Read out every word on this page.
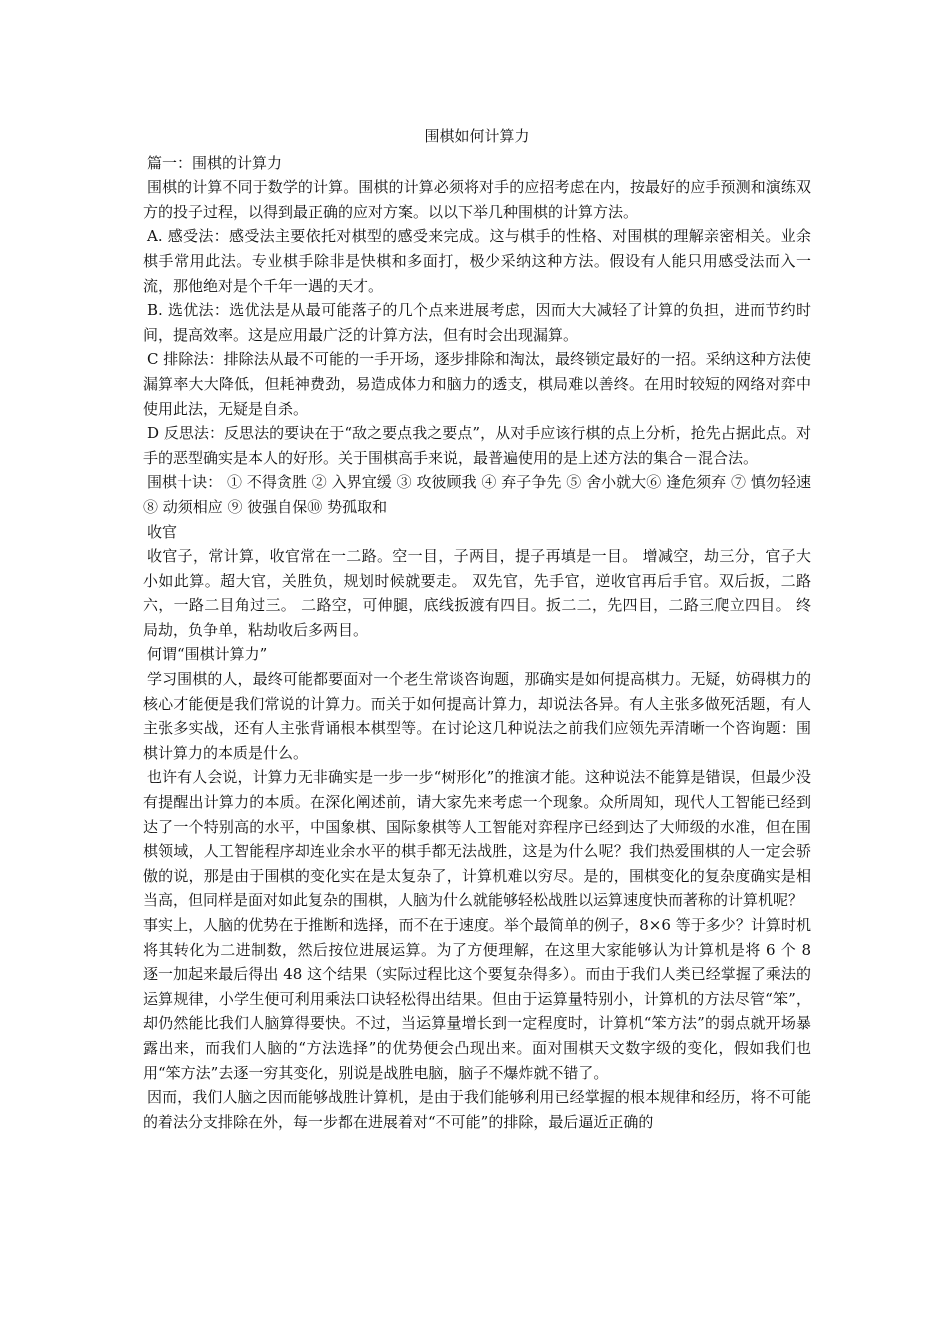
围棋如何计算力

篇一：围棋的计算力

围棋的计算不同于数学的计算。围棋的计算必须将对手的应招考虑在内，按最好的应手预测和演练双方的投子过程，以得到最正确的应对方案。以以下举几种围棋的计算方法。

A. 感受法：感受法主要依托对棋型的感受来完成。这与棋手的性格、对围棋的理解亲密相关。业余棋手常用此法。专业棋手除非是快棋和多面打，极少采纳这种方法。假设有人能只用感受法而入一流，那他绝对是个千年一遇的天才。

B. 选优法：选优法是从最可能落子的几个点来进展考虑，因而大大减轻了计算的负担，进而节约时间，提高效率。这是应用最广泛的计算方法，但有时会出现漏算。

C 排除法：排除法从最不可能的一手开场，逐步排除和淘汰，最终锁定最好的一招。采纳这种方法使漏算率大大降低，但耗神费劲，易造成体力和脑力的透支，棋局难以善终。在用时较短的网络对弈中使用此法，无疑是自杀。

D 反思法：反思法的要诀在于“敌之要点我之要点”，从对手应该行棋的点上分析，抢先占据此点。对手的恶型确实是本人的好形。关于围棋高手来说，最普遍使用的是上述方法的集合－混合法。

围棋十诀： ① 不得贪胜 ② 入界宜缓 ③ 攻彼顾我 ④ 弃子争先 ⑤ 舍小就大⑥ 逢危须弃 ⑦ 慎勿轻速 ⑧ 动须相应 ⑨ 彼强自保⑩ 势孤取和

收官

收官子，常计算，收官常在一二路。空一目，子两目，提子再填是一目。 增减空，劫三分，官子大小如此算。超大官，关胜负，规划时候就要走。 双先官，先手官，逆收官再后手官。双后扳，二路六，一路二目角过三。 二路空，可伸腿，底线扳渡有四目。扳二二，先四目，二路三爬立四目。 终局劫，负争单，粘劫收后多两目。

何谓“围棋计算力”

学习围棋的人，最终可能都要面对一个老生常谈咨询题，那确实是如何提高棋力。无疑，妨碍棋力的核心才能便是我们常说的计算力。而关于如何提高计算力，却说法各异。有人主张多做死活题，有人主张多实战，还有人主张背诵根本棋型等。在讨论这几种说法之前我们应领先弄清晰一个咨询题：围棋计算力的本质是什么。

也许有人会说，计算力无非确实是一步一步“树形化”的推演才能。这种说法不能算是错误，但最少没有提醒出计算力的本质。在深化阐述前，请大家先来考虑一个现象。众所周知，现代人工智能已经到达了一个特别高的水平，中国象棋、国际象棋等人工智能对弈程序已经到达了大师级的水准，但在围棋领域，人工智能程序却连业余水平的棋手都无法战胜，这是为什么呢？我们热爱围棋的人一定会骄傲的说，那是由于围棋的变化实在是太复杂了，计算机难以穷尽。是的，围棋变化的复杂度确实是相当高，但同样是面对如此复杂的围棋，人脑为什么就能够轻松战胜以运算速度快而著称的计算机呢？

事实上，人脑的优势在于推断和选择，而不在于速度。举个最简单的例子，8×6 等于多少？计算时机将其转化为二进制数，然后按位进展运算。为了方便理解，在这里大家能够认为计算机是将 6 个 8 逐一加起来最后得出 48 这个结果（实际过程比这个要复杂得多）。而由于我们人类已经掌握了乘法的运算规律，小学生便可利用乘法口诀轻松得出结果。但由于运算量特别小，计算机的方法尽管“笨”，却仍然能比我们人脑算得要快。不过，当运算量增长到一定程度时，计算机“笨方法”的弱点就开场暴露出来，而我们人脑的“方法选择”的优势便会凸现出来。面对围棋天文数字级的变化，假如我们也用“笨方法”去逐一穷其变化，别说是战胜电脑，脑子不爆炸就不错了。

因而，我们人脑之因而能够战胜计算机，是由于我们能够利用已经掌握的根本规律和经历，将不可能的着法分支排除在外，每一步都在进展着对“不可能”的排除，最后逼近正确的
